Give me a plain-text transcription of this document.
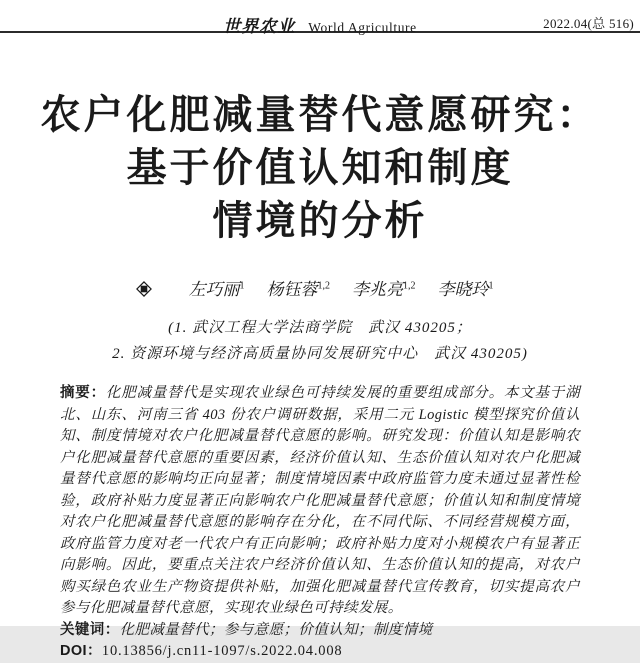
世界农业 World Agriculture	2022.04(总 516)
农户化肥减量替代意愿研究：
基于价值认知和制度
情境的分析
左巧丽$^1$ 杨钰蓉$^{1,2}$ 李兆亮$^{1,2}$ 李晓玲$^1$
(1. 武汉工程大学法商学院　武汉 430205；
2. 资源环境与经济高质量协同发展研究中心　武汉 430205)

摘要：化肥减量替代是实现农业绿色可持续发展的重要组成部分。本文基于湖北、山东、河南三省 403 份农户调研数据，采用二元 Logistic 模型探究价值认知、制度情境对农户化肥减量替代意愿的影响。研究发现：价值认知是影响农户化肥减量替代意愿的重要因素，经济价值认知、生态价值认知对农户化肥减量替代意愿的影响均正向显著；制度情境因素中政府监管力度未通过显著性检验，政府补贴力度显著正向影响农户化肥减量替代意愿；价值认知和制度情境对农户化肥减量替代意愿的影响存在分化，在不同代际、不同经营规模方面，政府监管力度对老一代农户有正向影响；政府补贴力度对小规模农户有显著正向影响。因此，要重点关注农户经济价值认知、生态价值认知的提高，对农户购买绿色农业生产物资提供补贴，加强化肥减量替代宣传教育，切实提高农户参与化肥减量替代意愿，实现农业绿色可持续发展。

关键词：化肥减量替代；参与意愿；价值认知；制度情境

DOI：10.13856/j.cn11-1097/s.2022.04.008
